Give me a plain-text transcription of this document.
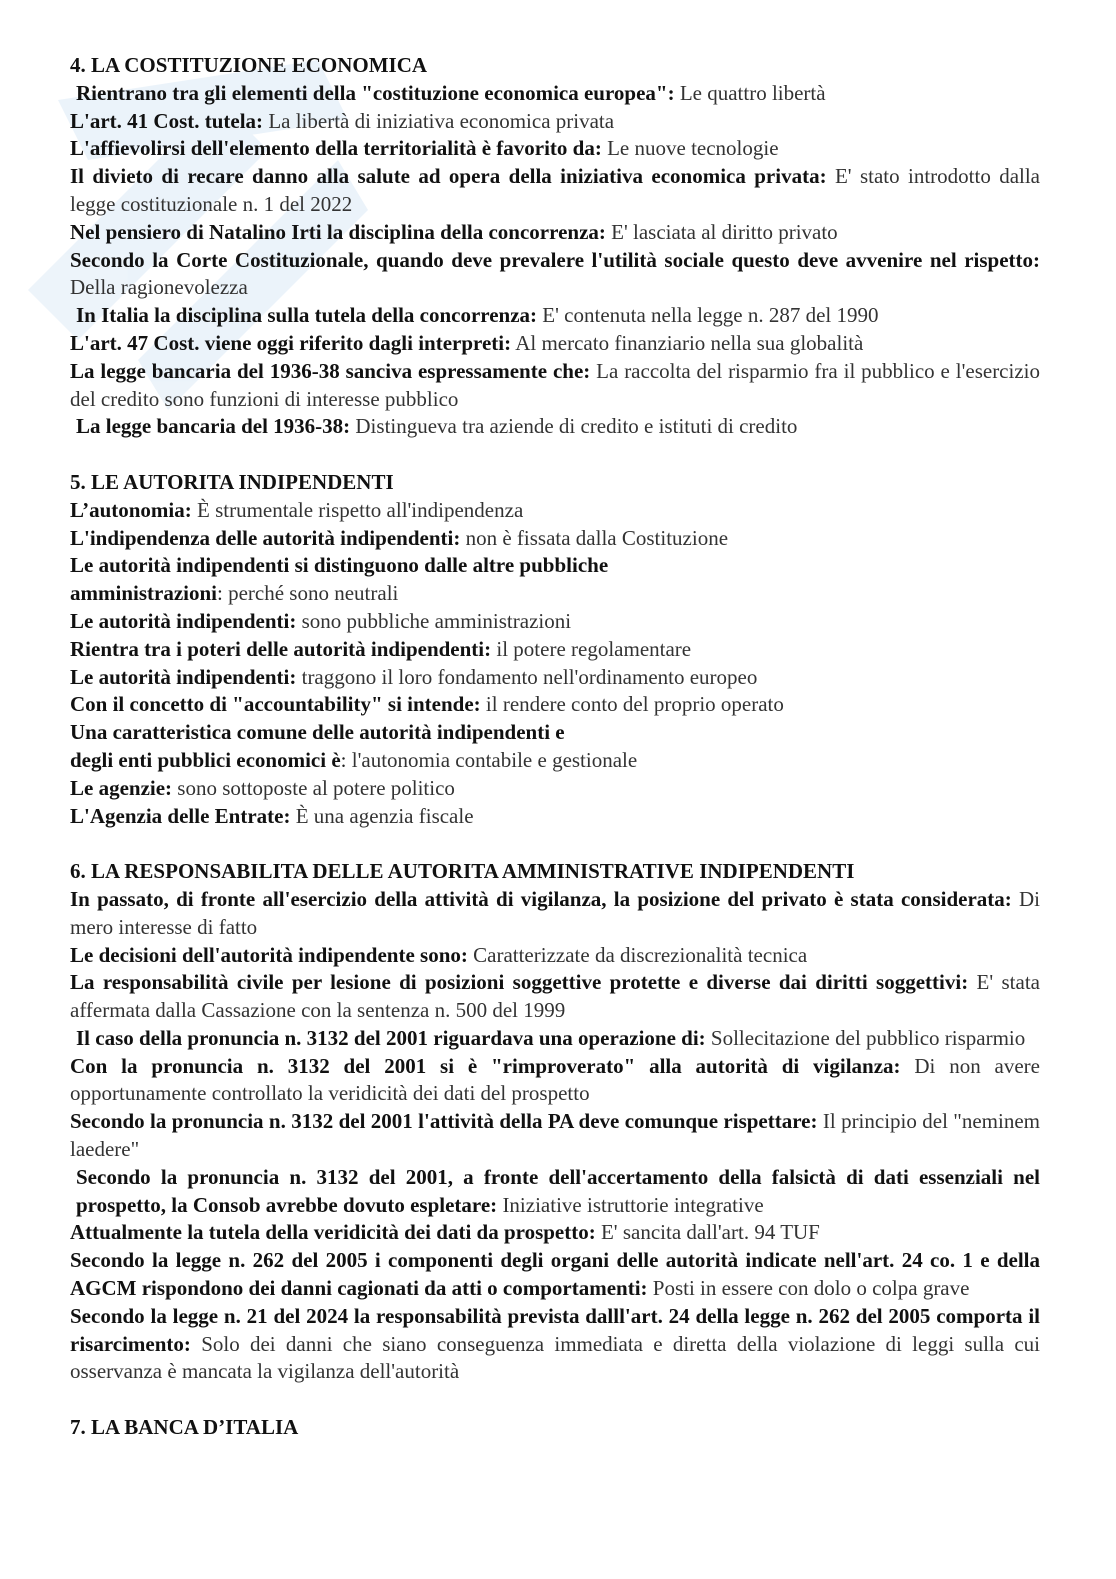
4. LA COSTITUZIONE ECONOMICA

Rientrano tra gli elementi della "costituzione economica europea": Le quattro libertà

L'art. 41 Cost. tutela: La libertà di iniziativa economica privata

L'affievolirsi dell'elemento della territorialità è favorito da: Le nuove tecnologie

Il divieto di recare danno alla salute ad opera della iniziativa economica privata: E' stato introdotto dalla legge costituzionale n. 1 del 2022

Nel pensiero di Natalino Irti la disciplina della concorrenza: E' lasciata al diritto privato

Secondo la Corte Costituzionale, quando deve prevalere l'utilità sociale questo deve avvenire nel rispetto: Della ragionevolezza

In Italia la disciplina sulla tutela della concorrenza: E' contenuta nella legge n. 287 del 1990

L'art. 47 Cost. viene oggi riferito dagli interpreti: Al mercato finanziario nella sua globalità

La legge bancaria del 1936-38 sanciva espressamente che: La raccolta del risparmio fra il pubblico e l'esercizio del credito sono funzioni di interesse pubblico

La legge bancaria del 1936-38: Distingueva tra aziende di credito e istituti di credito

5. LE AUTORITA INDIPENDENTI

L’autonomia: È strumentale rispetto all'indipendenza

L'indipendenza delle autorità indipendenti: non è fissata dalla Costituzione

Le autorità indipendenti si distinguono dalle altre pubbliche
amministrazioni: perché sono neutrali

Le autorità indipendenti: sono pubbliche amministrazioni

Rientra tra i poteri delle autorità indipendenti: il potere regolamentare

Le autorità indipendenti: traggono il loro fondamento nell'ordinamento europeo

Con il concetto di "accountability" si intende: il rendere conto del proprio operato

Una caratteristica comune delle autorità indipendenti e
degli enti pubblici economici è: l'autonomia contabile e gestionale

Le agenzie: sono sottoposte al potere politico

L'Agenzia delle Entrate: È una agenzia fiscale

6. LA RESPONSABILITA DELLE AUTORITA AMMINISTRATIVE INDIPENDENTI

In passato, di fronte all'esercizio della attività di vigilanza, la posizione del privato è stata considerata: Di mero interesse di fatto

Le decisioni dell'autorità indipendente sono: Caratterizzate da discrezionalità tecnica

La responsabilità civile per lesione di posizioni soggettive protette e diverse dai diritti soggettivi: E' stata affermata dalla Cassazione con la sentenza n. 500 del 1999

Il caso della pronuncia n. 3132 del 2001 riguardava una operazione di: Sollecitazione del pubblico risparmio

Con la pronuncia n. 3132 del 2001 si è "rimproverato" alla autorità di vigilanza: Di non avere opportunamente controllato la veridicità dei dati del prospetto

Secondo la pronuncia n. 3132 del 2001 l'attività della PA deve comunque rispettare: Il principio del "neminem laedere"

Secondo la pronuncia n. 3132 del 2001, a fronte dell'accertamento della falsictà di dati essenziali nel prospetto, la Consob avrebbe dovuto espletare: Iniziative istruttorie integrative

Attualmente la tutela della veridicità dei dati da prospetto: E' sancita dall'art. 94 TUF

Secondo la legge n. 262 del 2005 i componenti degli organi delle autorità indicate nell'art. 24 co. 1 e della AGCM rispondono dei danni cagionati da atti o comportamenti: Posti in essere con dolo o colpa grave

Secondo la legge n. 21 del 2024 la responsabilità prevista dalll'art. 24 della legge n. 262 del 2005 comporta il risarcimento: Solo dei danni che siano conseguenza immediata e diretta della violazione di leggi sulla cui osservanza è mancata la vigilanza dell'autorità

7. LA BANCA D’ITALIA
